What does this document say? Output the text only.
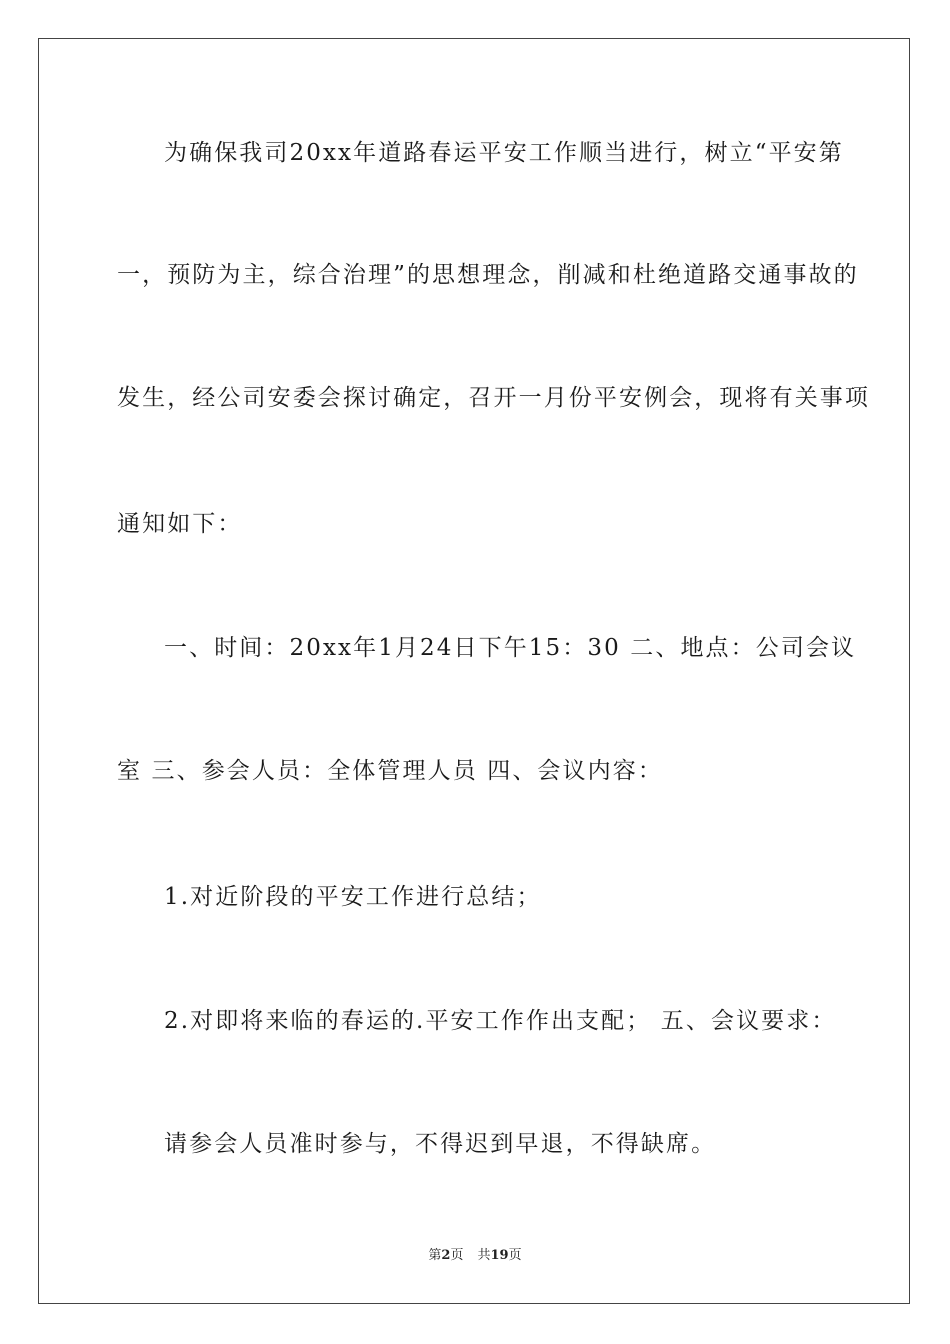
为确保我司20xx年道路春运平安工作顺当进行，树立“平安第
一，预防为主，综合治理”的思想理念，削减和杜绝道路交通事故的
发生，经公司安委会探讨确定，召开一月份平安例会，现将有关事项
通知如下：
一、时间：20xx年1月24日下午15：30 二、地点：公司会议
室 三、参会人员：全体管理人员 四、会议内容：
1.对近阶段的平安工作进行总结；
2.对即将来临的春运的.平安工作作出支配； 五、会议要求：
请参会人员准时参与，不得迟到早退，不得缺席。
第2页 共19页
